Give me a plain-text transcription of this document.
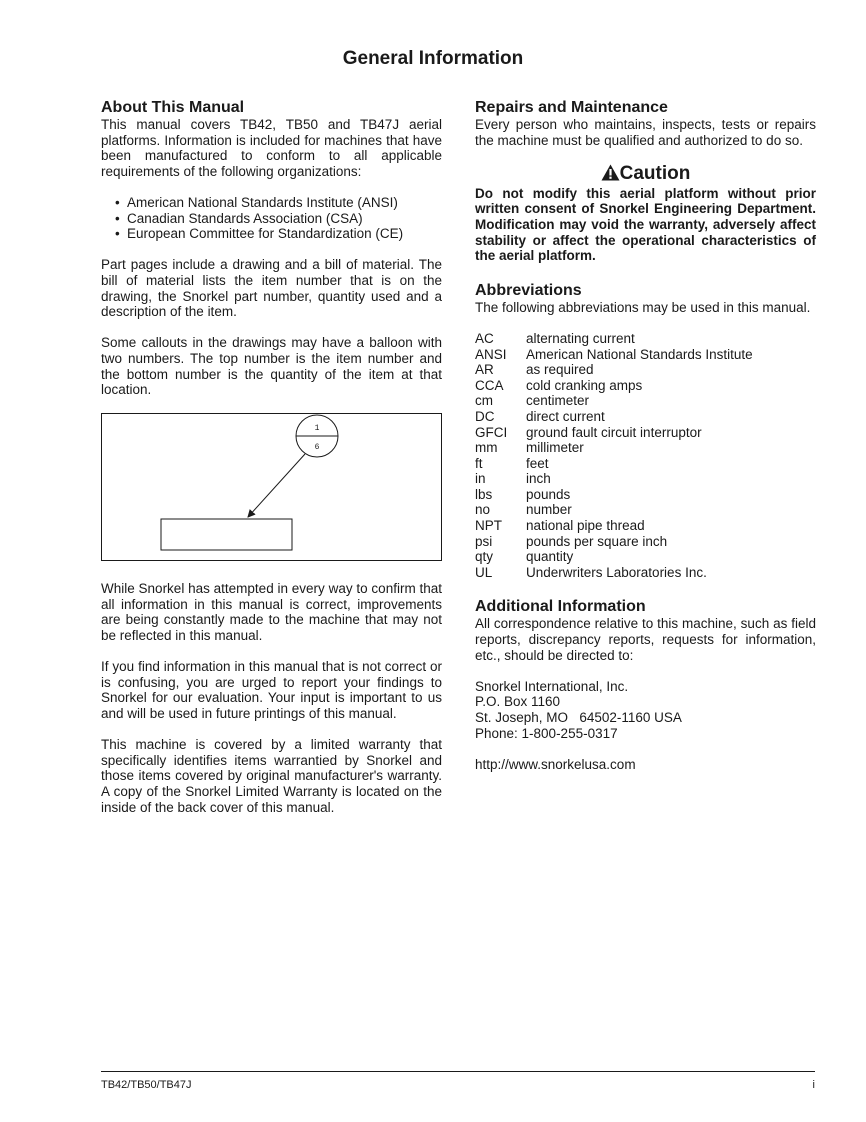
General Information
About This Manual

This manual covers TB42, TB50 and TB47J aerial platforms. Information is included for machines that have been manufactured to conform to all applicable requirements of the following organizations:

• American National Standards Institute (ANSI)
• Canadian Standards Association (CSA)
• European Committee for Standardization (CE)

Part pages include a drawing and a bill of material. The bill of material lists the item number that is on the drawing, the Snorkel part number, quantity used and a description of the item.

Some callouts in the drawings may have a balloon with two numbers. The top number is the item number and the bottom number is the quantity of the item at that location.

1
6

While Snorkel has attempted in every way to confirm that all information in this manual is correct, improvements are being constantly made to the machine that may not be reflected in this manual.

If you find information in this manual that is not correct or is confusing, you are urged to report your findings to Snorkel for our evaluation. Your input is important to us and will be used in future printings of this manual.

This machine is covered by a limited warranty that specifically identifies items warrantied by Snorkel and those items covered by original manufacturer's warranty. A copy of the Snorkel Limited Warranty is located on the inside of the back cover of this manual.

Repairs and Maintenance

Every person who maintains, inspects, tests or repairs the machine must be qualified and authorized to do so.

Caution

Do not modify this aerial platform without prior written consent of Snorkel Engineering Department. Modification may void the warranty, adversely affect stability or affect the operational characteristics of the aerial platform.

Abbreviations

The following abbreviations may be used in this manual.

AC	alternating current
ANSI	American National Standards Institute
AR	as required
CCA	cold cranking amps
cm	centimeter
DC	direct current
GFCI	ground fault circuit interruptor
mm	millimeter
ft	feet
in	inch
lbs	pounds
no	number
NPT	national pipe thread
psi	pounds per square inch
qty	quantity
UL	Underwriters Laboratories Inc.
Additional Information

All correspondence relative to this machine, such as field reports, discrepancy reports, requests for information, etc., should be directed to:

Snorkel International, Inc.
P.O. Box 1160
St. Joseph, MO 64502-1160 USA
Phone: 1-800-255-0317

http://www.snorkelusa.com

TB42/TB50/TB47J	i
